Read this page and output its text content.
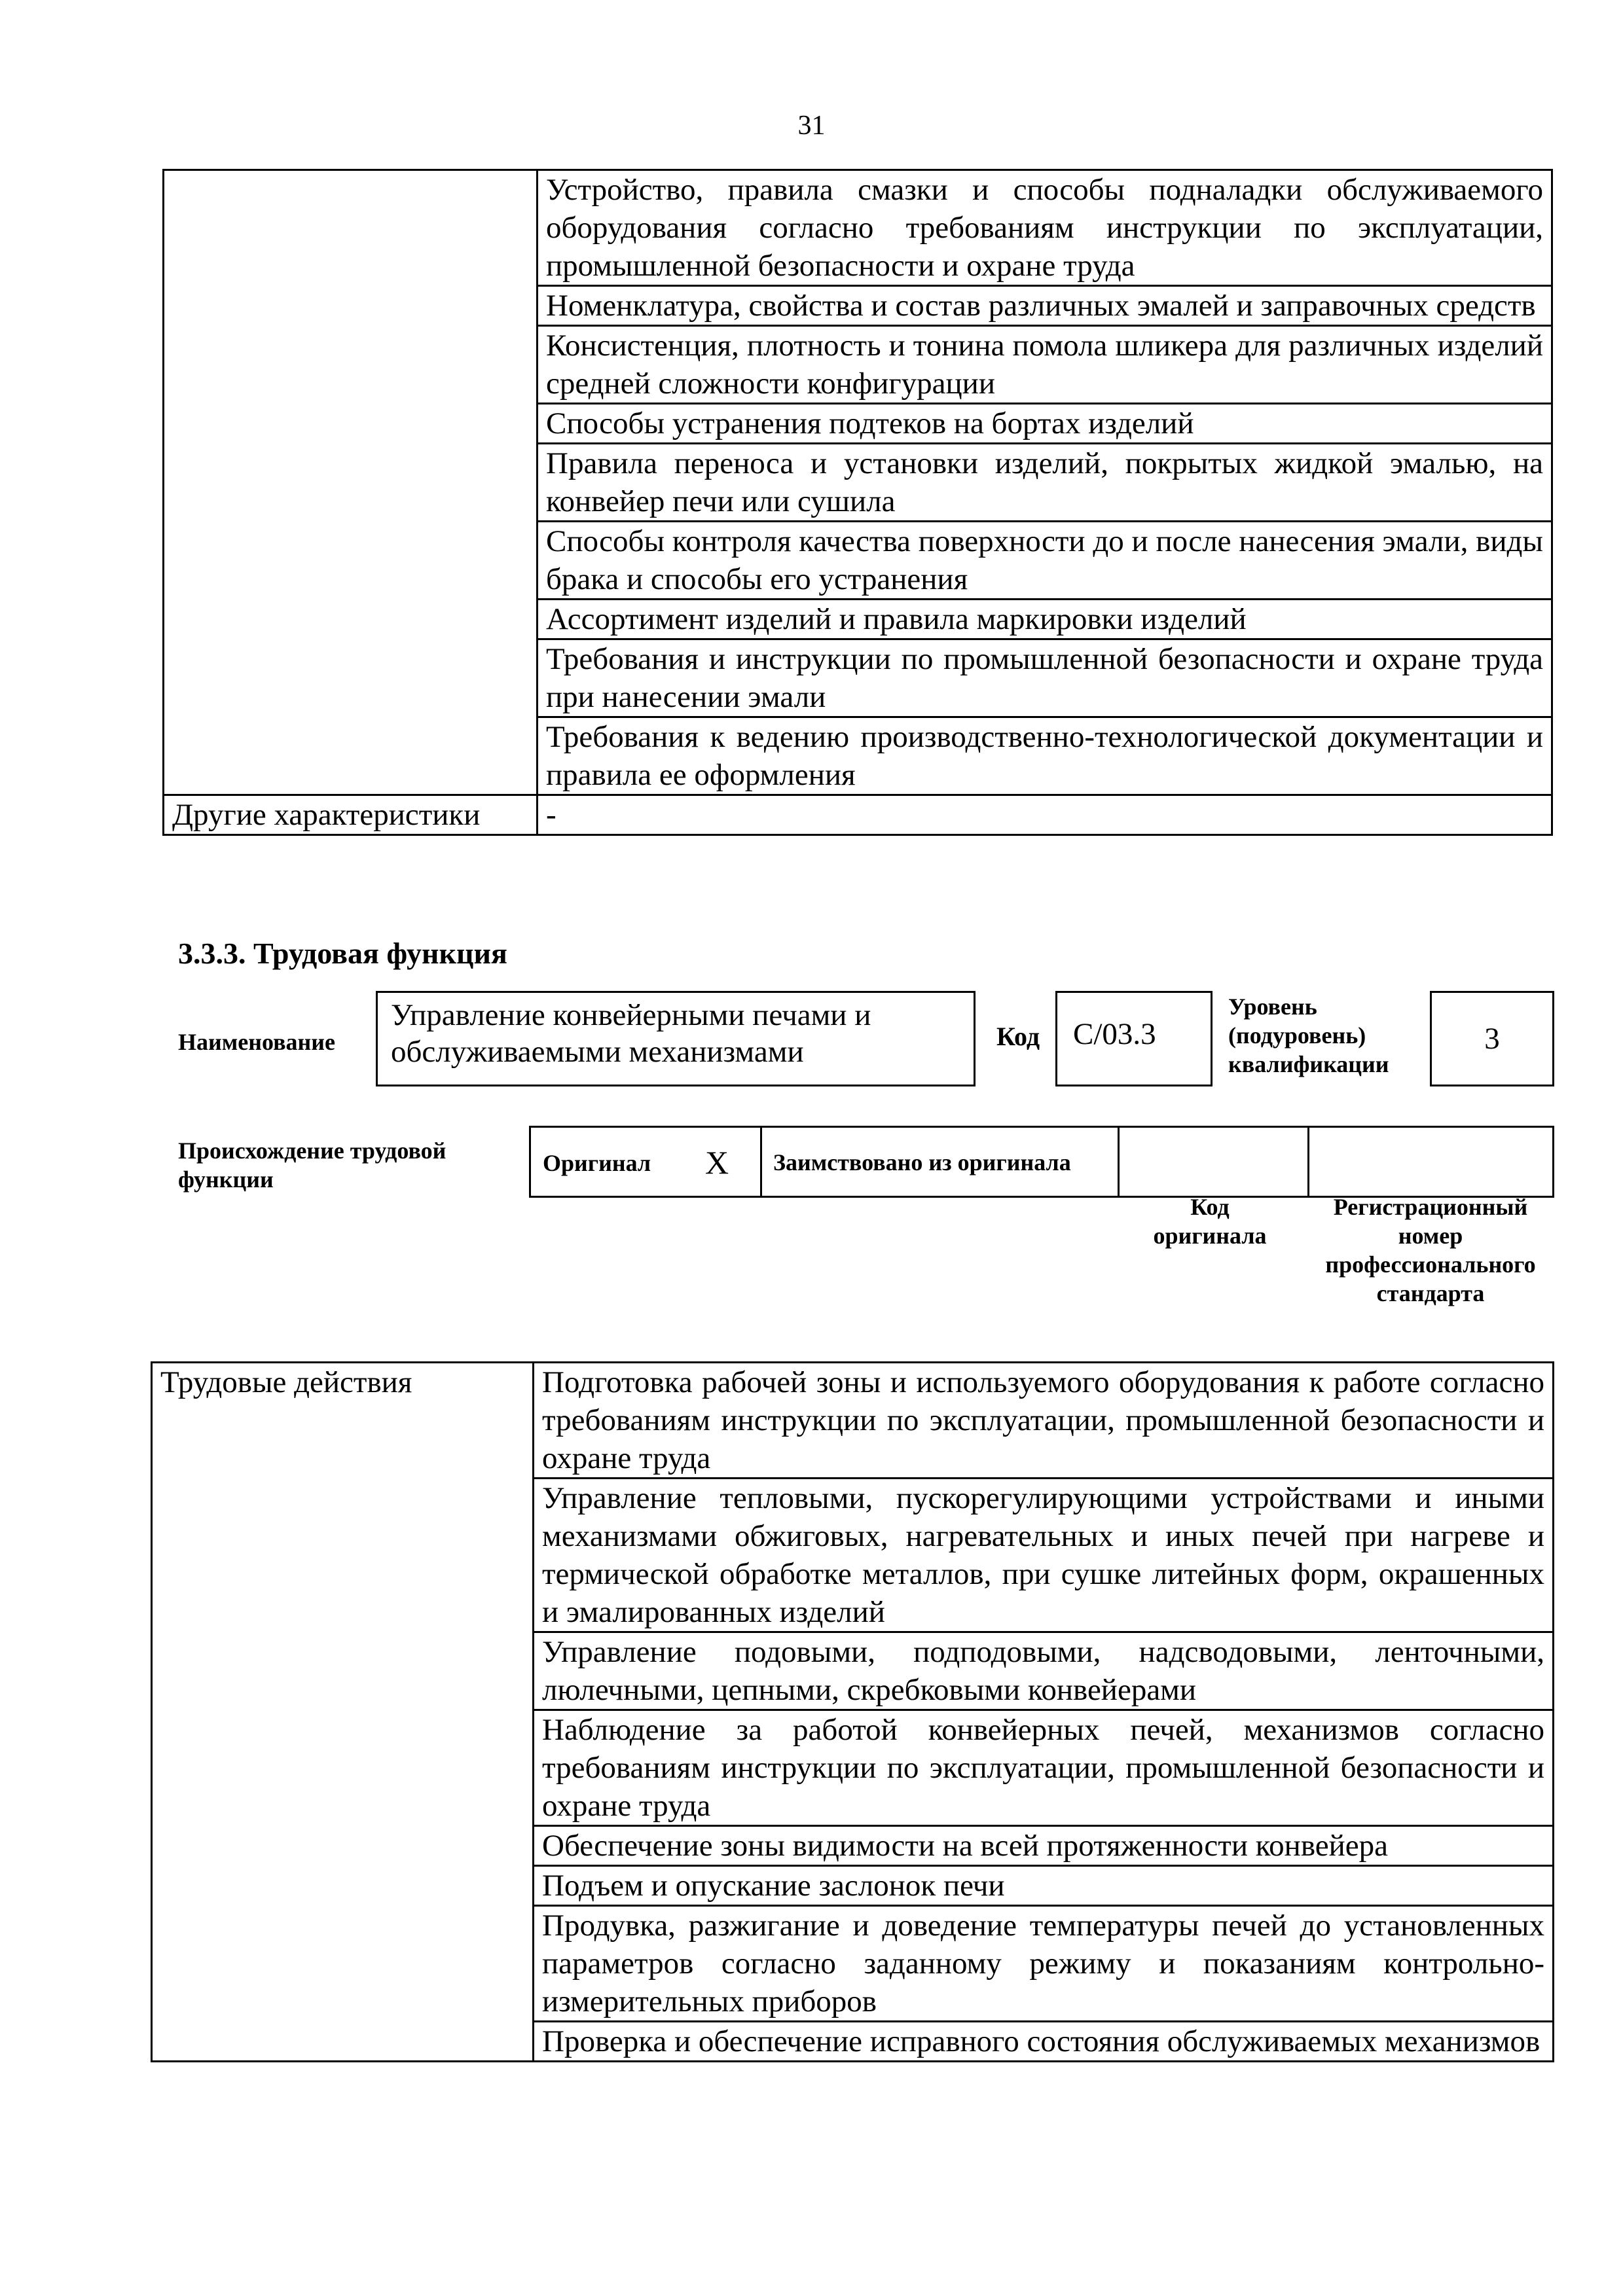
31
	Устройство, правила смазки и способы подналадки обслуживаемого оборудования согласно требованиям инструкции по эксплуатации, промышленной безопасности и охране труда
	Номенклатура, свойства и состав различных эмалей и заправочных средств
	Консистенция, плотность и тонина помола шликера для различных изделий средней сложности конфигурации
	Способы устранения подтеков на бортах изделий
	Правила переноса и установки изделий, покрытых жидкой эмалью, на конвейер печи или сушила
	Способы контроля качества поверхности до и после нанесения эмали, виды брака и способы его устранения
	Ассортимент изделий и правила маркировки изделий
	Требования и инструкции по промышленной безопасности и охране труда при нанесении эмали
	Требования к ведению производственно-технологической документации и правила ее оформления
Другие характеристики	-
3.3.3. Трудовая функция
Наименование
Управление конвейерными печами и обслуживаемыми механизмами	Код	С/03.3
Уровень (подуровень) квалификации
3
Происхождение трудовой функции
Оригинал X Заимствовано из оригинала
Код оригинала
Регистрационный номер профессионального стандарта
Трудовые действия	Подготовка рабочей зоны и используемого оборудования к работе согласно требованиям инструкции по эксплуатации, промышленной безопасности и охране труда
Управление тепловыми, пускорегулирующими устройствами и иными механизмами обжиговых, нагревательных и иных печей при нагреве и термической обработке металлов, при сушке литейных форм, окрашенных и эмалированных изделий
Управление подовыми, подподовыми, надсводовыми, ленточными, люлечными, цепными, скребковыми конвейерами
Наблюдение за работой конвейерных печей, механизмов согласно требованиям инструкции по эксплуатации, промышленной безопасности и охране труда
Обеспечение зоны видимости на всей протяженности конвейера
Подъем и опускание заслонок печи
Продувка, разжигание и доведение температуры печей до установленных параметров согласно заданному режиму и показаниям контрольно-измерительных приборов
Проверка и обеспечение исправного состояния обслуживаемых механизмов
